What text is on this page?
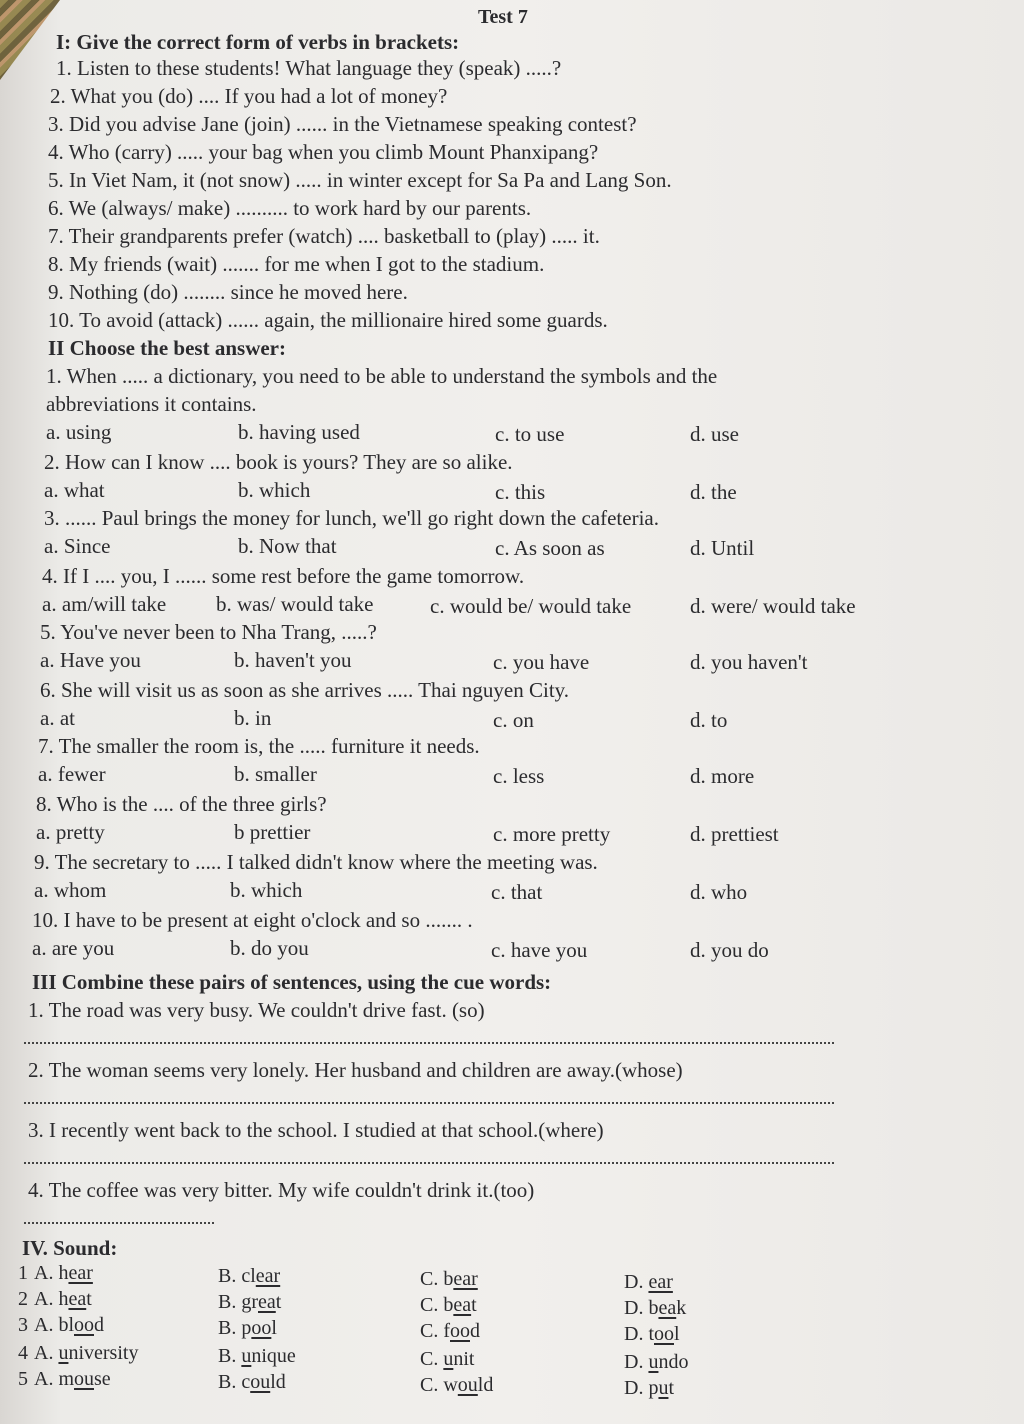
Test 7
I: Give the correct form of verbs in brackets:
1. Listen to these students! What language they (speak) .....?
2. What you (do) .... If you had a lot of money?
3. Did you advise Jane (join) ...... in the Vietnamese speaking contest?
4. Who (carry) ..... your bag when you climb Mount Phanxipang?
5. In Viet Nam, it (not snow) ..... in winter except for Sa Pa and Lang Son.
6. We (always/ make) .......... to work hard by our parents.
7. Their grandparents prefer (watch) .... basketball to (play) ..... it.
8. My friends (wait) ....... for me when I got to the stadium.
9. Nothing (do) ........ since he moved here.
10. To avoid (attack) ...... again, the millionaire hired some guards.
II Choose the best answer:
1. When ..... a dictionary, you need to be able to understand the symbols and the
abbreviations it contains.
a. using	b. having used	c. to use	d. use
2. How can I know .... book is yours? They are so alike.
a. what	b. which	c. this	d. the
3. ...... Paul brings the money for lunch, we'll go right down the cafeteria.
a. Since	b. Now that	c. As soon as	d. Until
4. If I .... you, I ...... some rest before the game tomorrow.
a. am/will take b. was/ would take	c. would be/ would take	d. were/ would take
5. You've never been to Nha Trang, .....?
a. Have you	b. haven't you	c. you have	d. you haven't
6. She will visit us as soon as she arrives ..... Thai nguyen City.
a. at	b. in	c. on	d. to
7. The smaller the room is, the ..... furniture it needs.
a. fewer	b. smaller	c. less	d. more
8. Who is the .... of the three girls?
a. pretty	b prettier	c. more pretty	d. prettiest
9. The secretary to ..... I talked didn't know where the meeting was.
a. whom	b. which	c. that	d. who
10. I have to be present at eight o'clock and so ....... .
a. are you	b. do you	c. have you	d. you do
III Combine these pairs of sentences, using the cue words:
1. The road was very busy. We couldn't drive fast. (so)
2. The woman seems very lonely. Her husband and children are away.(whose)
3. I recently went back to the school. I studied at that school.(where)
4. The coffee was very bitter. My wife couldn't drink it.(too)
IV. Sound:
1 A. hear	B. clear	C. bear	D. ear
2 A. heat	B. great	C. beat	D. beak
3 A. blood	B. pool	C. food	D. tool
4 A. university	B. unique	C. unit	D. undo
5 A. mouse	B. could	C. would	D. put
